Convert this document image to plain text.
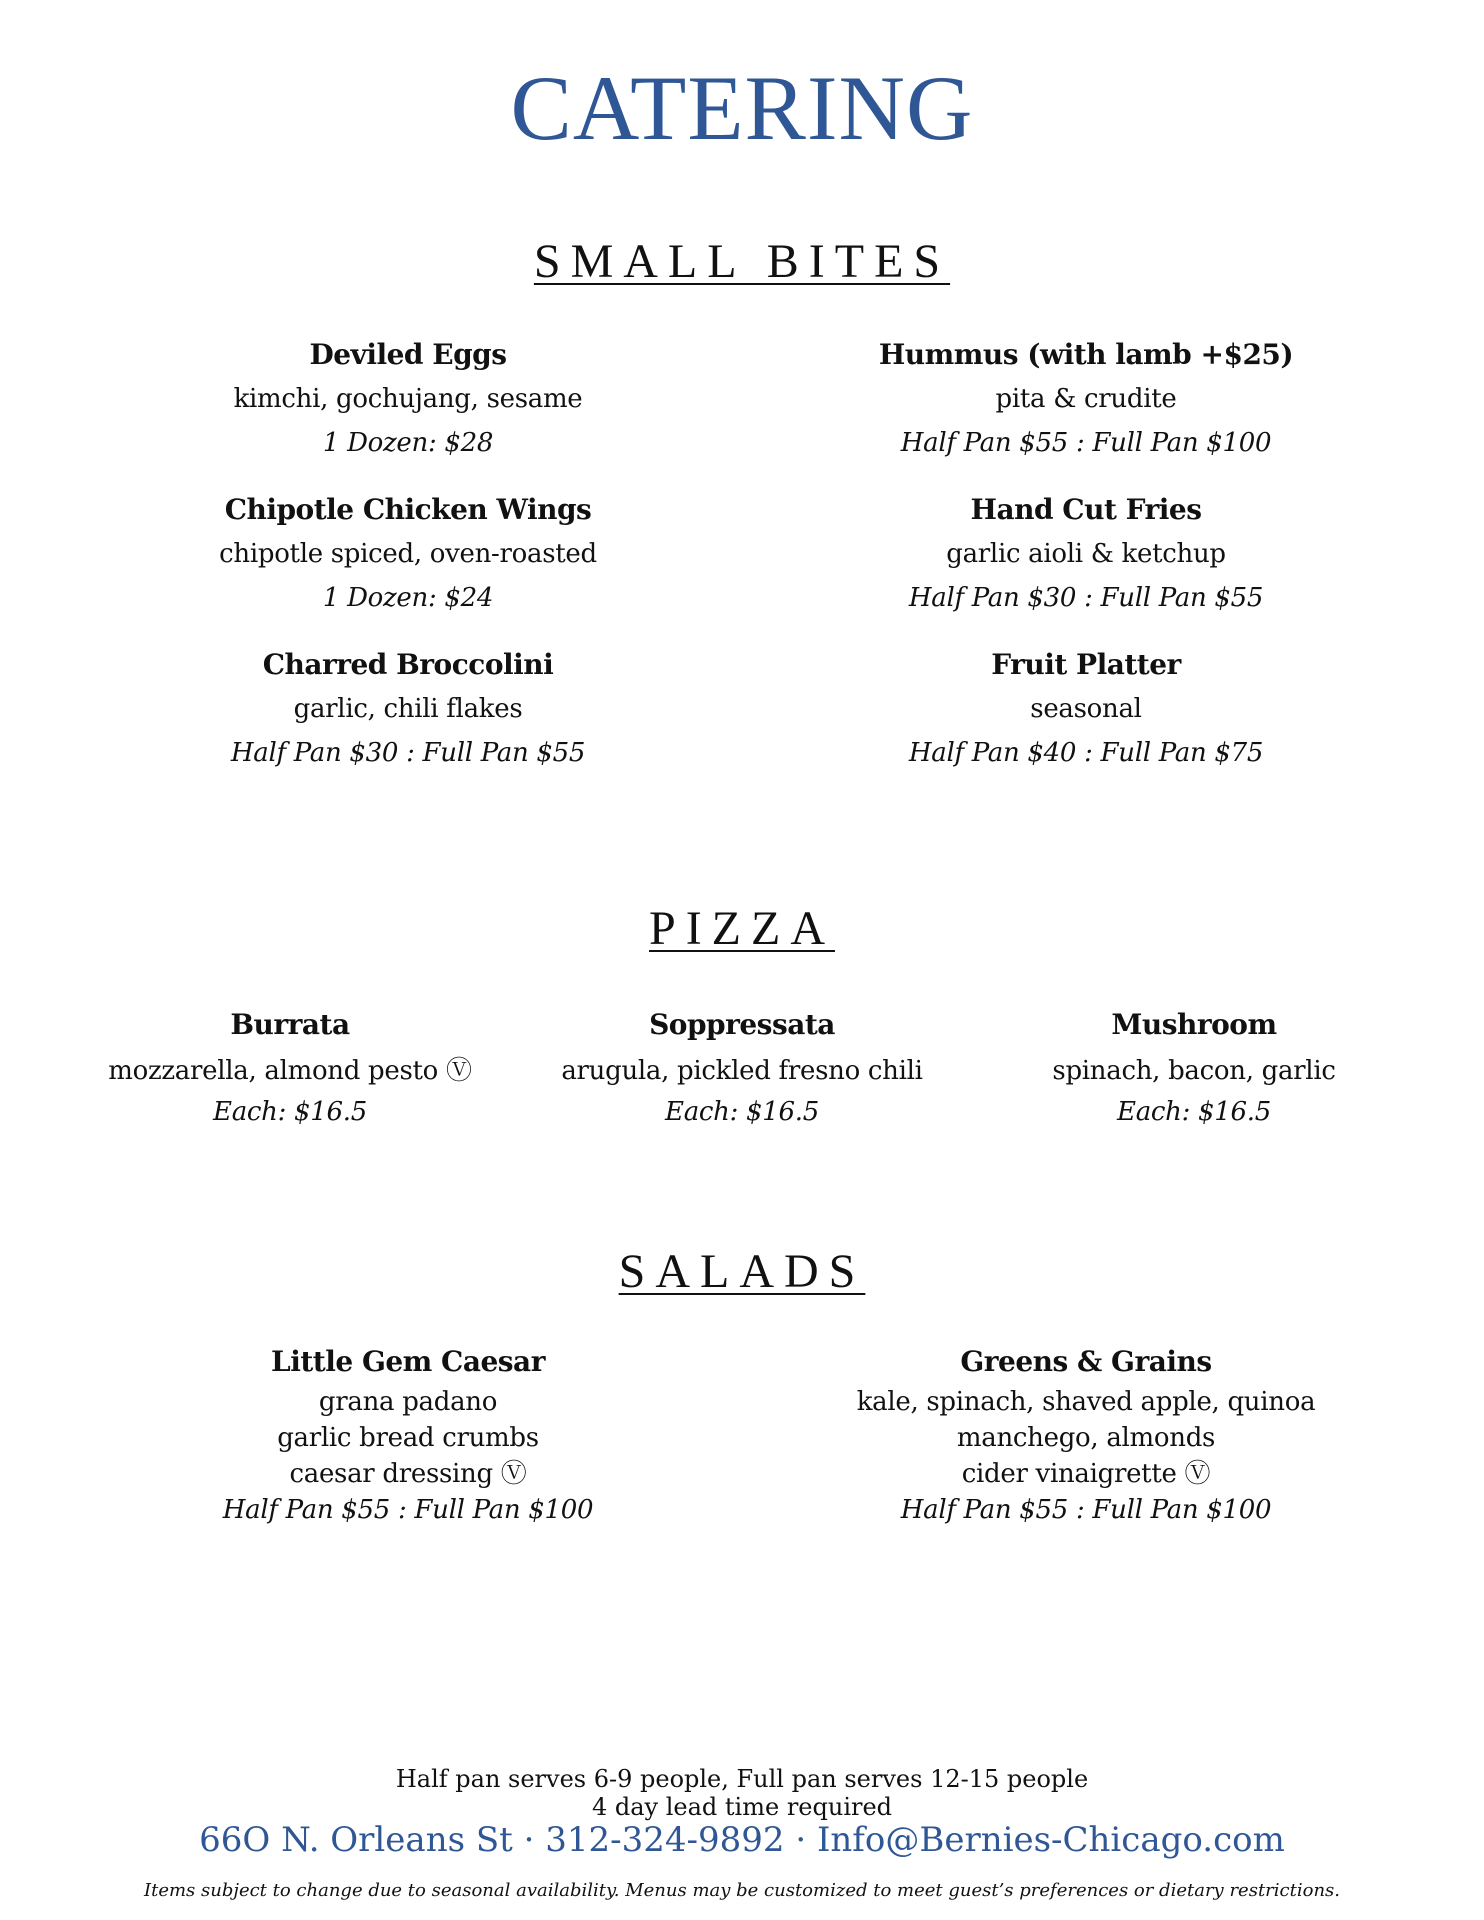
CATERING
SMALL BITES
Deviled Eggs
kimchi, gochujang, sesame
1 Dozen: $28
Hummus (with lamb +$25)
pita & crudite
Half Pan $55 : Full Pan $100
Chipotle Chicken Wings
chipotle spiced, oven-roasted
1 Dozen: $24
Hand Cut Fries
garlic aioli & ketchup
Half Pan $30 : Full Pan $55
Charred Broccolini
garlic, chili flakes
Half Pan $30 : Full Pan $55
Fruit Platter
seasonal
Half Pan $40 : Full Pan $75
PIZZA
Burrata
mozzarella, almond pesto Ⓥ
Each: $16.5
Soppressata
arugula, pickled fresno chili
Each: $16.5
Mushroom
spinach, bacon, garlic
Each: $16.5
SALADS
Little Gem Caesar
grana padano
garlic bread crumbs
caesar dressing Ⓥ
Half Pan $55 : Full Pan $100
Greens & Grains
kale, spinach, shaved apple, quinoa
manchego, almonds
cider vinaigrette Ⓥ
Half Pan $55 : Full Pan $100
Half pan serves 6-9 people, Full pan serves 12-15 people
4 day lead time required
66O N. Orleans St · 312-324-9892 · Info@Bernies-Chicago.com
Items subject to change due to seasonal availability. Menus may be customized to meet guest’s preferences or dietary restrictions.
